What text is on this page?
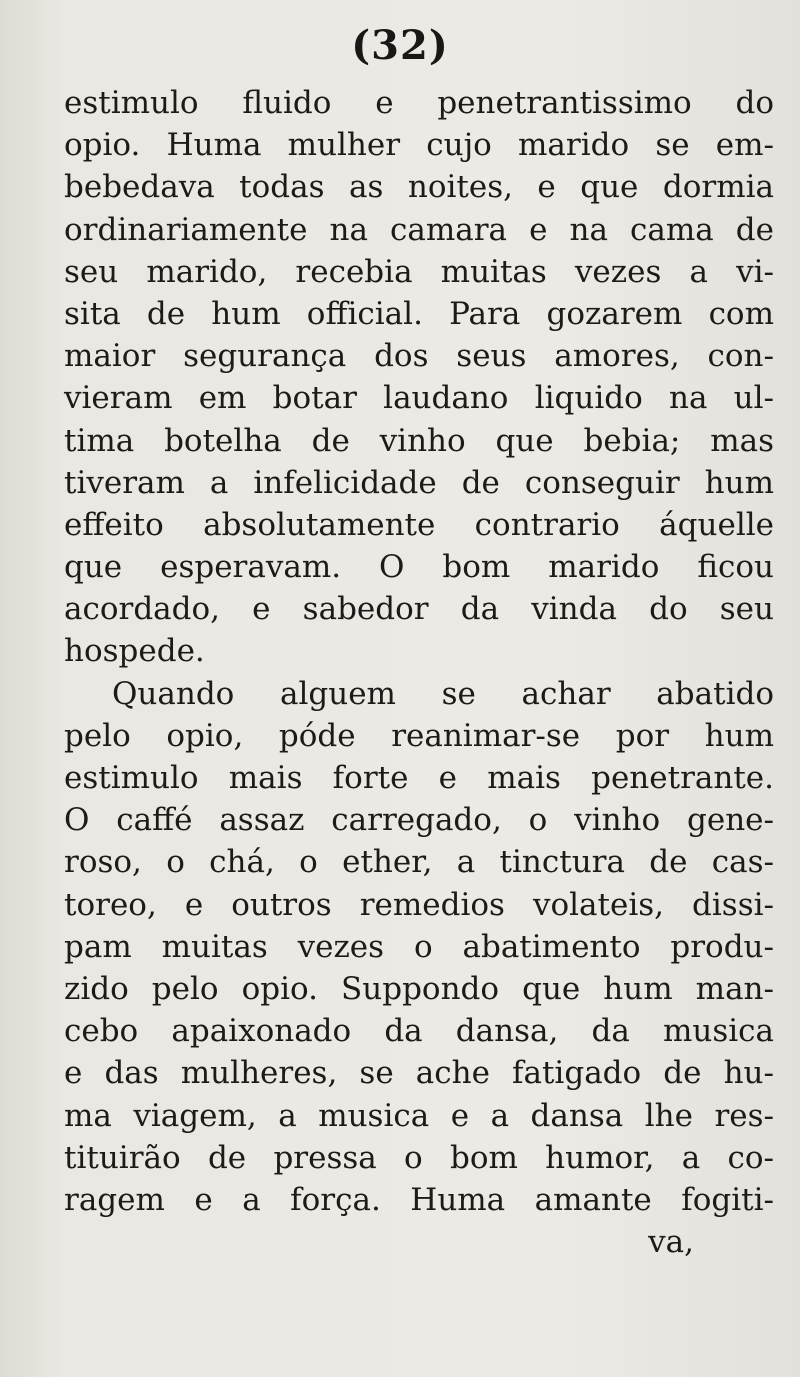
(32)
estimulo fluido e penetrantissimo do
opio. Huma mulher cujo marido se em-
bebedava todas as noites, e que dormia
ordinariamente na camara e na cama de
seu marido, recebia muitas vezes a vi-
sita de hum official. Para gozarem com
maior segurança dos seus amores, con-
vieram em botar laudano liquido na ul-
tima botelha de vinho que bebia; mas
tiveram a infelicidade de conseguir hum
effeito absolutamente contrario áquelle
que esperavam. O bom marido ficou
acordado, e sabedor da vinda do seu
hospede.
Quando alguem se achar abatido
pelo opio, póde reanimar-se por hum
estimulo mais forte e mais penetrante.
O caffé assaz carregado, o vinho gene-
roso, o chá, o ether, a tinctura de cas-
toreo, e outros remedios volateis, dissi-
pam muitas vezes o abatimento produ-
zido pelo opio. Suppondo que hum man-
cebo apaixonado da dansa, da musica
e das mulheres, se ache fatigado de hu-
ma viagem, a musica e a dansa lhe res-
tituirão de pressa o bom humor, a co-
ragem e a força. Huma amante fogiti-
va,
